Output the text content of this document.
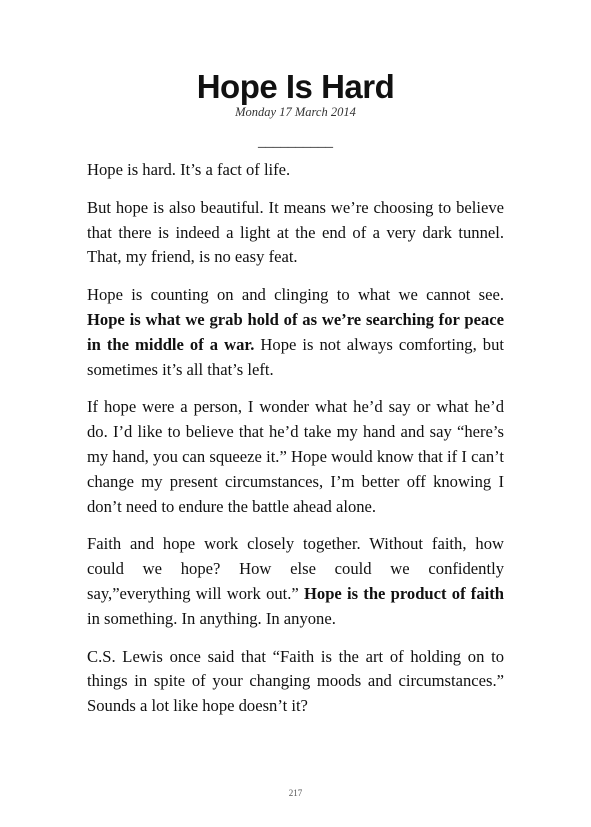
Hope Is Hard
Monday 17 March 2014
__________

Hope is hard. It’s a fact of life.

But hope is also beautiful. It means we’re choosing to believe that there is indeed a light at the end of a very dark tunnel. That, my friend, is no easy feat.

Hope is counting on and clinging to what we cannot see. Hope is what we grab hold of as we’re searching for peace in the middle of a war. Hope is not always comforting, but sometimes it’s all that’s left.

If hope were a person, I wonder what he’d say or what he’d do. I’d like to believe that he’d take my hand and say “here’s my hand, you can squeeze it.” Hope would know that if I can’t change my present circumstances, I’m better off knowing I don’t need to endure the battle ahead alone.

Faith and hope work closely together. Without faith, how could we hope? How else could we confidently say,”everything will work out.” Hope is the product of faith in something. In anything. In anyone.

C.S. Lewis once said that “Faith is the art of holding on to things in spite of your changing moods and circumstances.” Sounds a lot like hope doesn’t it?

217
